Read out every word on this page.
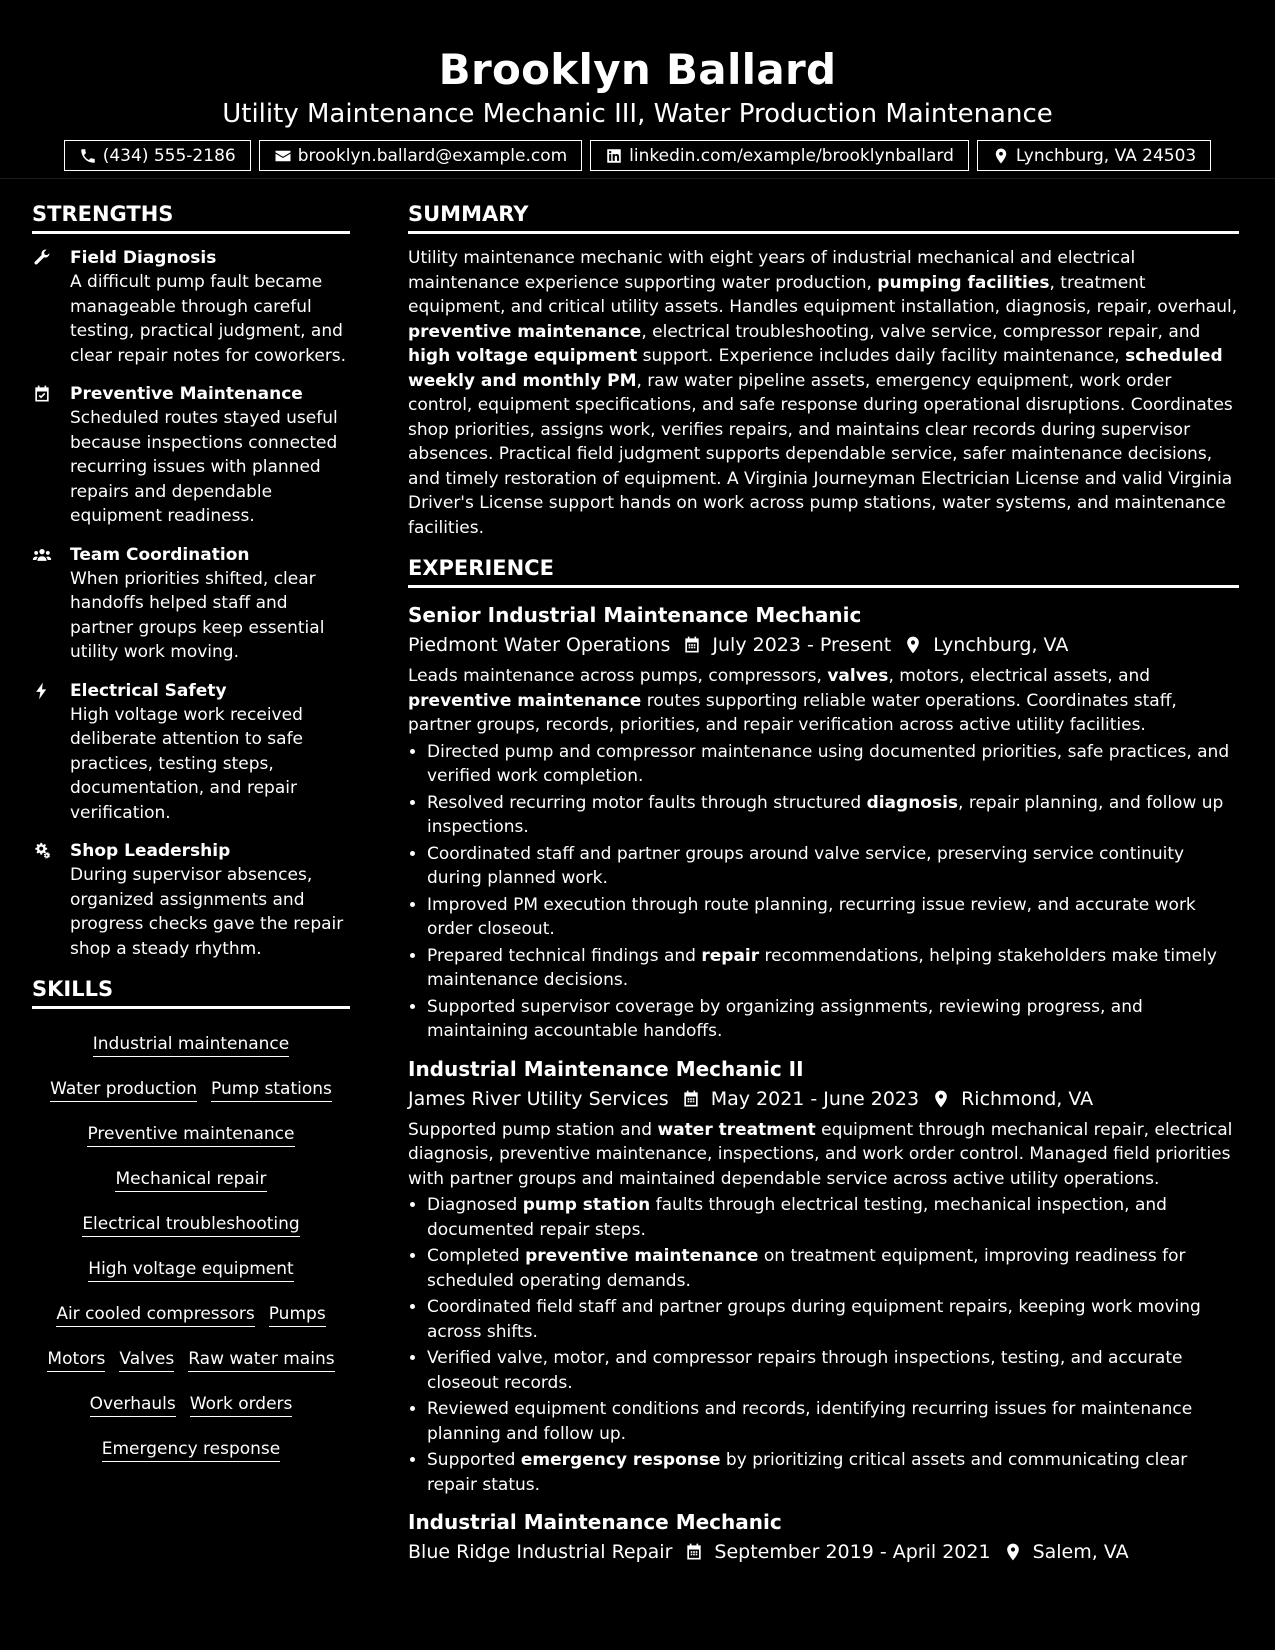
Brooklyn Ballard
Utility Maintenance Mechanic III, Water Production Maintenance
(434) 555-2186	brooklyn.ballard@example.com	linkedin.com/example/brooklynballard	Lynchburg, VA 24503
STRENGTHS
Field Diagnosis
A difficult pump fault became manageable through careful testing, practical judgment, and clear repair notes for coworkers.
Preventive Maintenance
Scheduled routes stayed useful because inspections connected recurring issues with planned repairs and dependable equipment readiness.
Team Coordination
When priorities shifted, clear handoffs helped staff and partner groups keep essential utility work moving.
Electrical Safety
High voltage work received deliberate attention to safe practices, testing steps, documentation, and repair verification.
Shop Leadership
During supervisor absences, organized assignments and progress checks gave the repair shop a steady rhythm.
SKILLS
Industrial maintenance
Water production Pump stations
Preventive maintenance
Mechanical repair
Electrical troubleshooting
High voltage equipment
Air cooled compressors Pumps
Motors Valves Raw water mains
Overhauls Work orders
Emergency response
SUMMARY
Utility maintenance mechanic with eight years of industrial mechanical and electrical maintenance experience supporting water production, pumping facilities, treatment equipment, and critical utility assets. Handles equipment installation, diagnosis, repair, overhaul, preventive maintenance, electrical troubleshooting, valve service, compressor repair, and high voltage equipment support. Experience includes daily facility maintenance, scheduled weekly and monthly PM, raw water pipeline assets, emergency equipment, work order control, equipment specifications, and safe response during operational disruptions. Coordinates shop priorities, assigns work, verifies repairs, and maintains clear records during supervisor absences. Practical field judgment supports dependable service, safer maintenance decisions, and timely restoration of equipment. A Virginia Journeyman Electrician License and valid Virginia Driver's License support hands on work across pump stations, water systems, and maintenance facilities.
EXPERIENCE
Senior Industrial Maintenance Mechanic
Piedmont Water Operations July 2023 - Present Lynchburg, VA
Leads maintenance across pumps, compressors, valves, motors, electrical assets, and preventive maintenance routes supporting reliable water operations. Coordinates staff, partner groups, records, priorities, and repair verification across active utility facilities.
• Directed pump and compressor maintenance using documented priorities, safe practices, and verified work completion.
• Resolved recurring motor faults through structured diagnosis, repair planning, and follow up inspections.
• Coordinated staff and partner groups around valve service, preserving service continuity during planned work.
• Improved PM execution through route planning, recurring issue review, and accurate work order closeout.
• Prepared technical findings and repair recommendations, helping stakeholders make timely maintenance decisions.
• Supported supervisor coverage by organizing assignments, reviewing progress, and maintaining accountable handoffs.
Industrial Maintenance Mechanic II
James River Utility Services May 2021 - June 2023 Richmond, VA
Supported pump station and water treatment equipment through mechanical repair, electrical diagnosis, preventive maintenance, inspections, and work order control. Managed field priorities with partner groups and maintained dependable service across active utility operations.
• Diagnosed pump station faults through electrical testing, mechanical inspection, and documented repair steps.
• Completed preventive maintenance on treatment equipment, improving readiness for scheduled operating demands.
• Coordinated field staff and partner groups during equipment repairs, keeping work moving across shifts.
• Verified valve, motor, and compressor repairs through inspections, testing, and accurate closeout records.
• Reviewed equipment conditions and records, identifying recurring issues for maintenance planning and follow up.
• Supported emergency response by prioritizing critical assets and communicating clear repair status.
Industrial Maintenance Mechanic
Blue Ridge Industrial Repair September 2019 - April 2021 Salem, VA
